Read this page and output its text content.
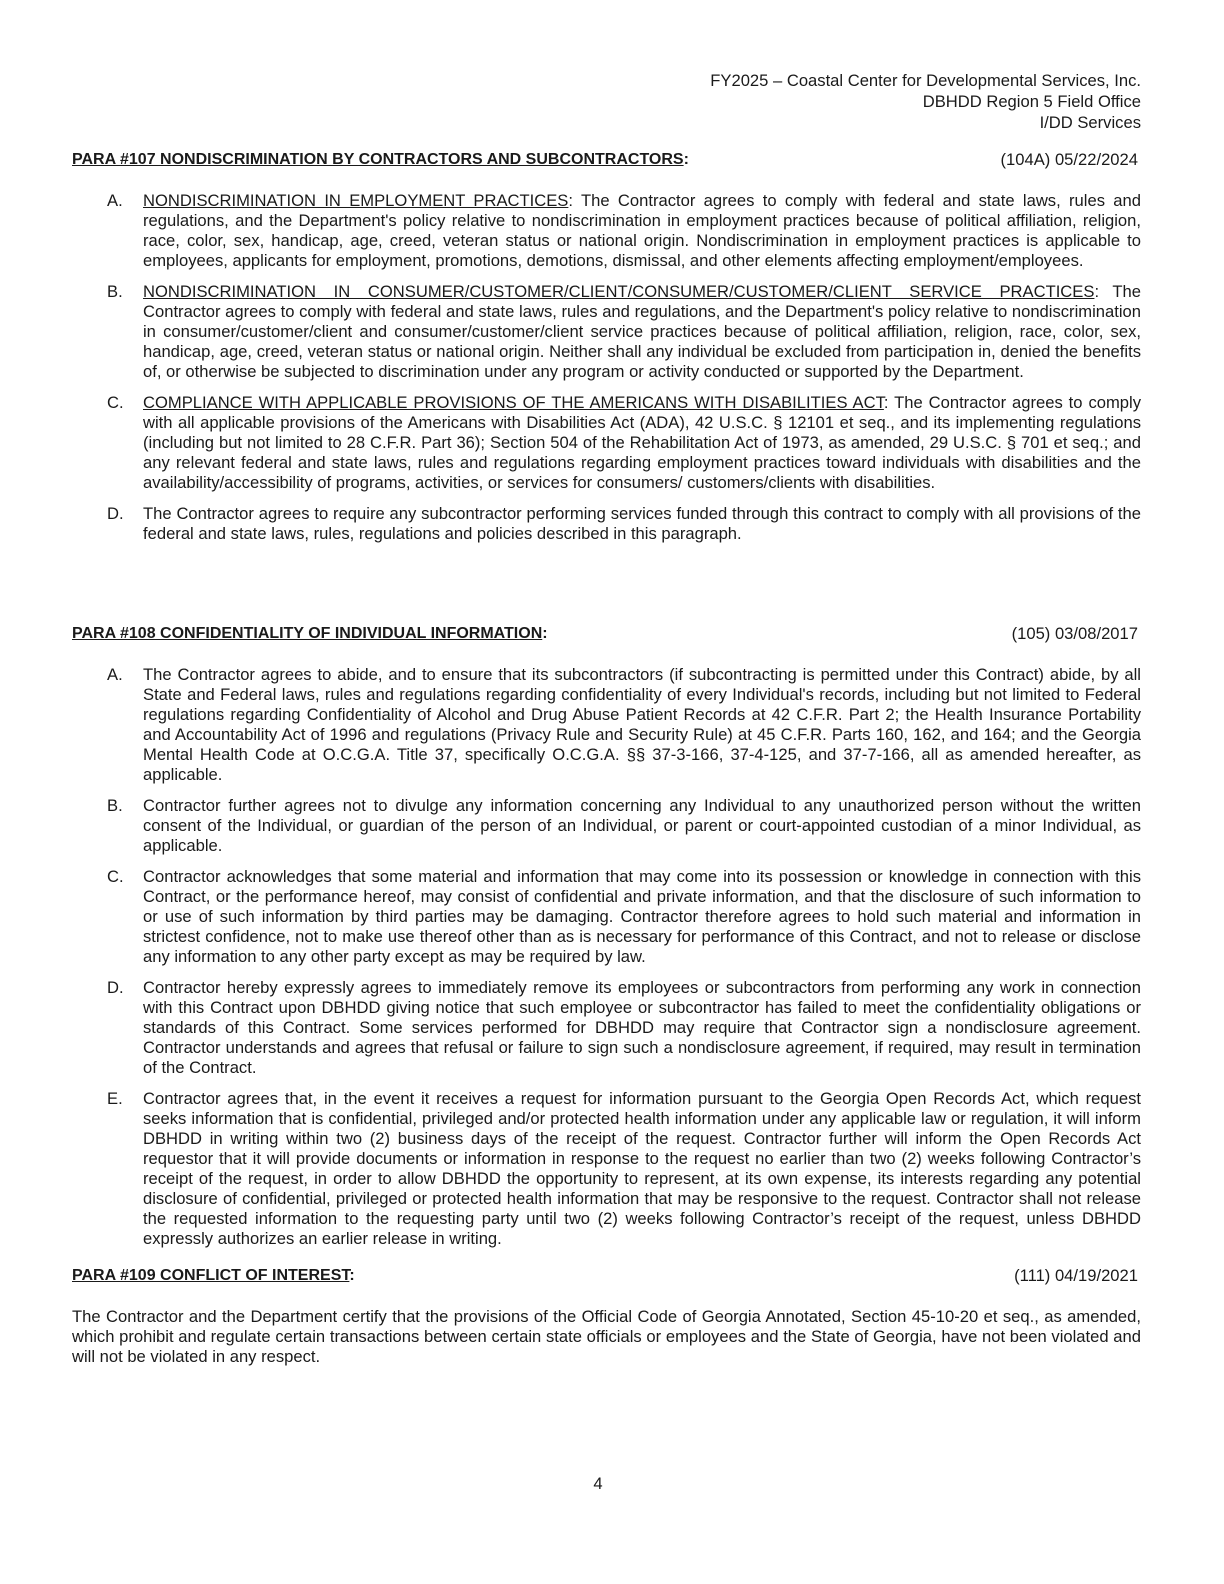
FY2025 – Coastal Center for Developmental Services, Inc.
DBHDD Region 5 Field Office
I/DD Services
PARA #107 NONDISCRIMINATION BY CONTRACTORS AND SUBCONTRACTORS:	(104A) 05/22/2024
A. NONDISCRIMINATION IN EMPLOYMENT PRACTICES: The Contractor agrees to comply with federal and state laws, rules and regulations, and the Department's policy relative to nondiscrimination in employment practices because of political affiliation, religion, race, color, sex, handicap, age, creed, veteran status or national origin. Nondiscrimination in employment practices is applicable to employees, applicants for employment, promotions, demotions, dismissal, and other elements affecting employment/employees.
B. NONDISCRIMINATION IN CONSUMER/CUSTOMER/CLIENT/CONSUMER/CUSTOMER/CLIENT SERVICE PRACTICES: The Contractor agrees to comply with federal and state laws, rules and regulations, and the Department's policy relative to nondiscrimination in consumer/customer/client and consumer/customer/client service practices because of political affiliation, religion, race, color, sex, handicap, age, creed, veteran status or national origin. Neither shall any individual be excluded from participation in, denied the benefits of, or otherwise be subjected to discrimination under any program or activity conducted or supported by the Department.
C. COMPLIANCE WITH APPLICABLE PROVISIONS OF THE AMERICANS WITH DISABILITIES ACT: The Contractor agrees to comply with all applicable provisions of the Americans with Disabilities Act (ADA), 42 U.S.C. § 12101 et seq., and its implementing regulations (including but not limited to 28 C.F.R. Part 36); Section 504 of the Rehabilitation Act of 1973, as amended, 29 U.S.C. § 701 et seq.; and any relevant federal and state laws, rules and regulations regarding employment practices toward individuals with disabilities and the availability/accessibility of programs, activities, or services for consumers/ customers/clients with disabilities.
D. The Contractor agrees to require any subcontractor performing services funded through this contract to comply with all provisions of the federal and state laws, rules, regulations and policies described in this paragraph.
PARA #108 CONFIDENTIALITY OF INDIVIDUAL INFORMATION:	(105) 03/08/2017
A. The Contractor agrees to abide, and to ensure that its subcontractors (if subcontracting is permitted under this Contract) abide, by all State and Federal laws, rules and regulations regarding confidentiality of every Individual's records, including but not limited to Federal regulations regarding Confidentiality of Alcohol and Drug Abuse Patient Records at 42 C.F.R. Part 2; the Health Insurance Portability and Accountability Act of 1996 and regulations (Privacy Rule and Security Rule) at 45 C.F.R. Parts 160, 162, and 164; and the Georgia Mental Health Code at O.C.G.A. Title 37, specifically O.C.G.A. §§ 37-3-166, 37-4-125, and 37-7-166, all as amended hereafter, as applicable.
B. Contractor further agrees not to divulge any information concerning any Individual to any unauthorized person without the written consent of the Individual, or guardian of the person of an Individual, or parent or court-appointed custodian of a minor Individual, as applicable.
C. Contractor acknowledges that some material and information that may come into its possession or knowledge in connection with this Contract, or the performance hereof, may consist of confidential and private information, and that the disclosure of such information to or use of such information by third parties may be damaging. Contractor therefore agrees to hold such material and information in strictest confidence, not to make use thereof other than as is necessary for performance of this Contract, and not to release or disclose any information to any other party except as may be required by law.
D. Contractor hereby expressly agrees to immediately remove its employees or subcontractors from performing any work in connection with this Contract upon DBHDD giving notice that such employee or subcontractor has failed to meet the confidentiality obligations or standards of this Contract. Some services performed for DBHDD may require that Contractor sign a nondisclosure agreement. Contractor understands and agrees that refusal or failure to sign such a nondisclosure agreement, if required, may result in termination of the Contract.
E. Contractor agrees that, in the event it receives a request for information pursuant to the Georgia Open Records Act, which request seeks information that is confidential, privileged and/or protected health information under any applicable law or regulation, it will inform DBHDD in writing within two (2) business days of the receipt of the request. Contractor further will inform the Open Records Act requestor that it will provide documents or information in response to the request no earlier than two (2) weeks following Contractor’s receipt of the request, in order to allow DBHDD the opportunity to represent, at its own expense, its interests regarding any potential disclosure of confidential, privileged or protected health information that may be responsive to the request. Contractor shall not release the requested information to the requesting party until two (2) weeks following Contractor’s receipt of the request, unless DBHDD expressly authorizes an earlier release in writing.
PARA #109 CONFLICT OF INTEREST:	(111) 04/19/2021
The Contractor and the Department certify that the provisions of the Official Code of Georgia Annotated, Section 45-10-20 et seq., as amended, which prohibit and regulate certain transactions between certain state officials or employees and the State of Georgia, have not been violated and will not be violated in any respect.
4
